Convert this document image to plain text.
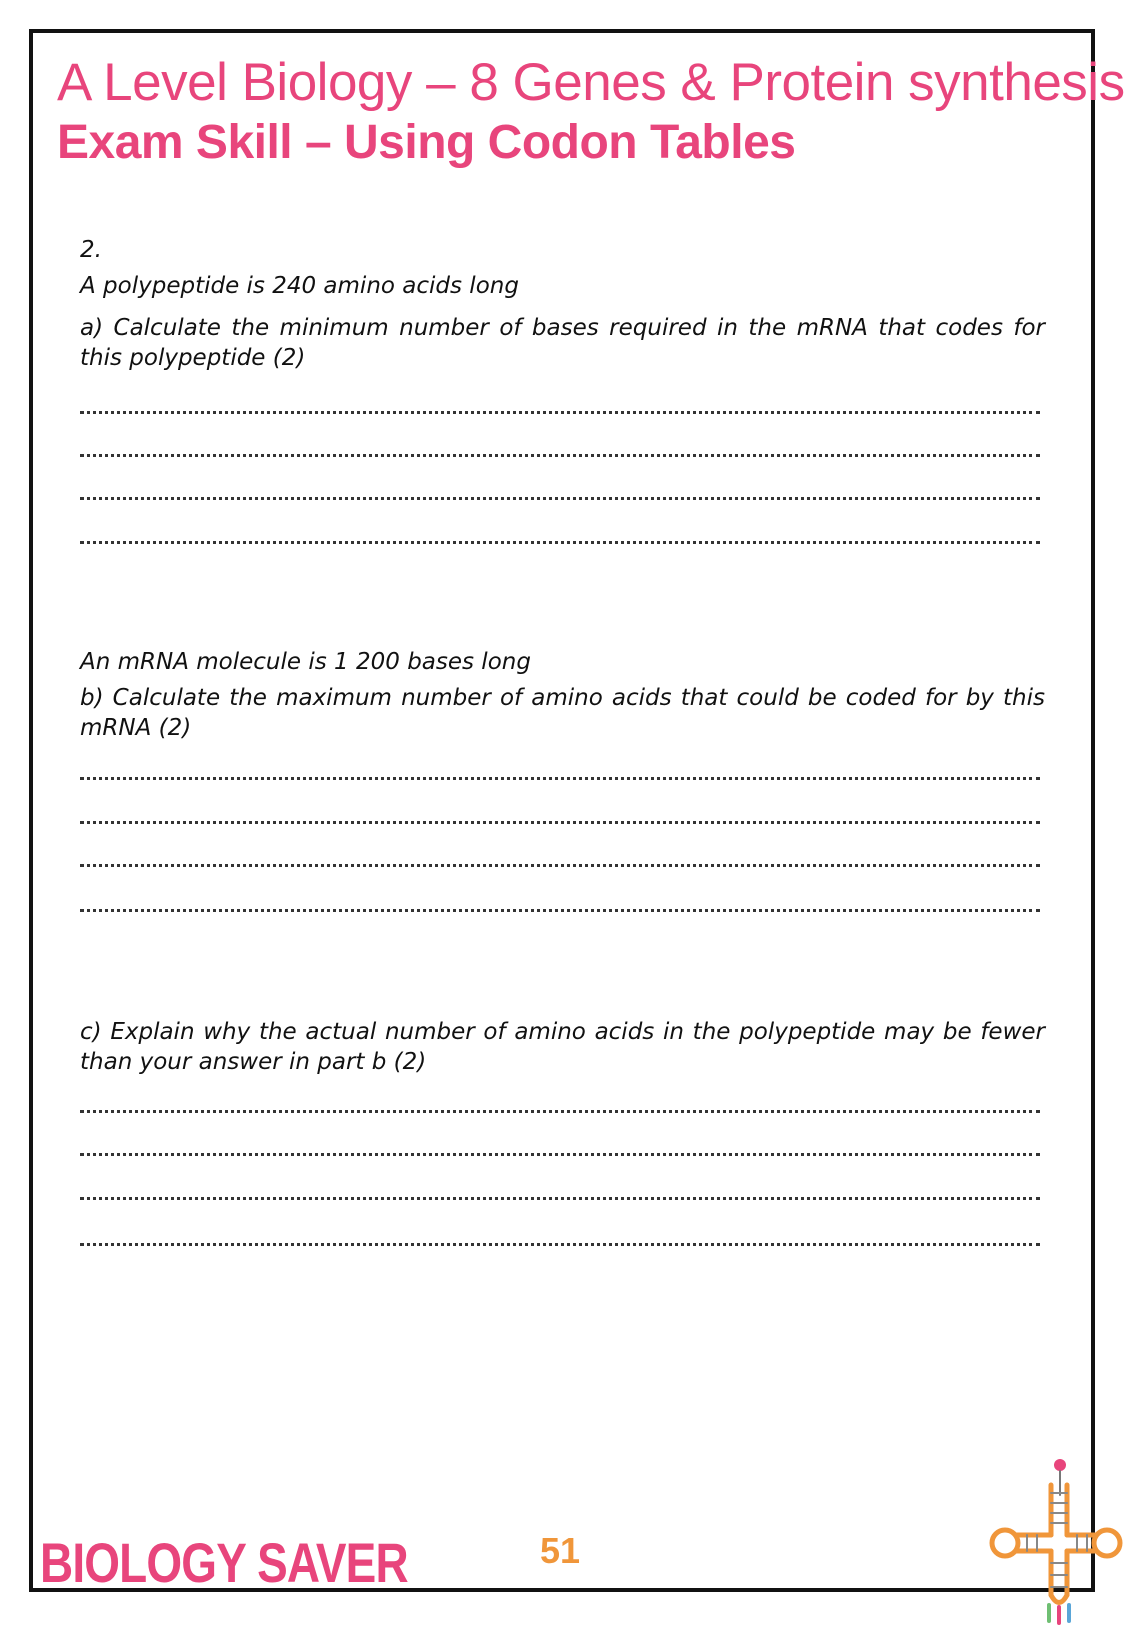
A Level Biology – 8 Genes & Protein synthesis
Exam Skill – Using Codon Tables

2.

A polypeptide is 240 amino acids long

a) Calculate the minimum number of bases required in the mRNA that codes for this polypeptide (2)

An mRNA molecule is 1 200 bases long

b) Calculate the maximum number of amino acids that could be coded for by this mRNA (2)

c) Explain why the actual number of amino acids in the polypeptide may be fewer than your answer in part b (2)

BIOLOGY SAVER	51
